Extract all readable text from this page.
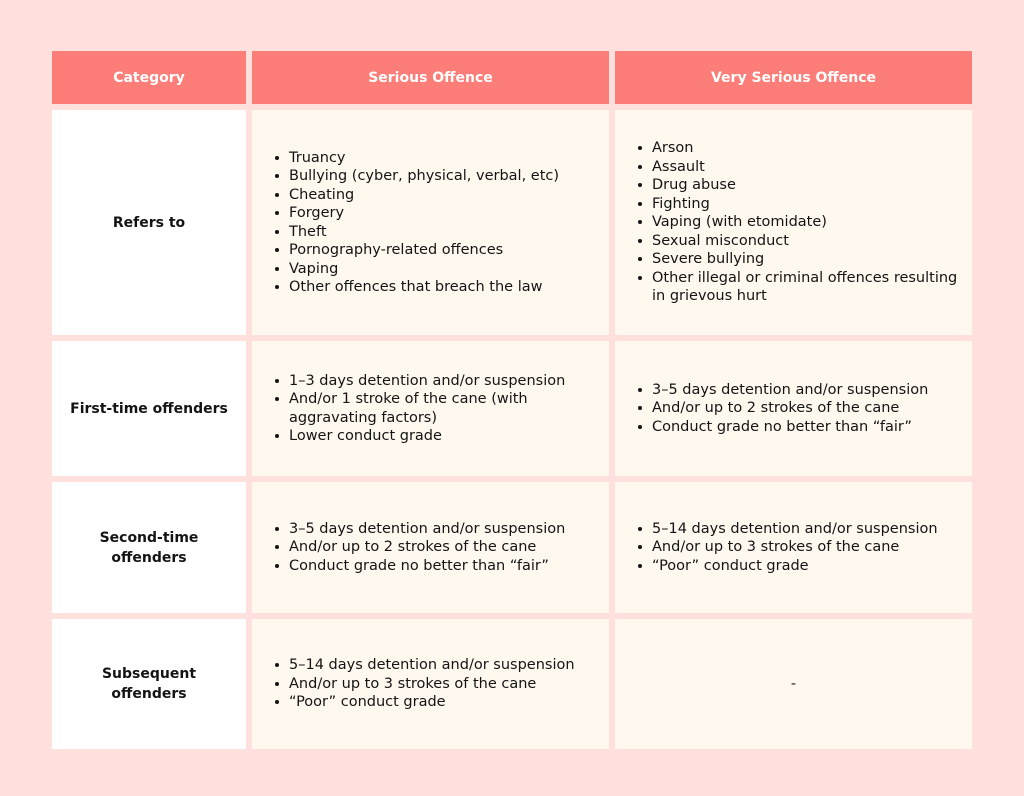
Category	Serious Offence	Very Serious Offence
Refers to
Truancy
Bullying (cyber, physical, verbal, etc)
Cheating
Forgery
Theft
Pornography-related offences
Vaping
Other offences that breach the law
Arson
Assault
Drug abuse
Fighting
Vaping (with etomidate)
Sexual misconduct
Severe bullying
Other illegal or criminal offences resulting in grievous hurt
First-time offenders
1–3 days detention and/or suspension
And/or 1 stroke of the cane (with aggravating factors)
Lower conduct grade
3–5 days detention and/or suspension
And/or up to 2 strokes of the cane
Conduct grade no better than “fair”
Second-time offenders
3–5 days detention and/or suspension
And/or up to 2 strokes of the cane
Conduct grade no better than “fair”
5–14 days detention and/or suspension
And/or up to 3 strokes of the cane
“Poor” conduct grade
Subsequent offenders
5–14 days detention and/or suspension
And/or up to 3 strokes of the cane
“Poor” conduct grade
-
